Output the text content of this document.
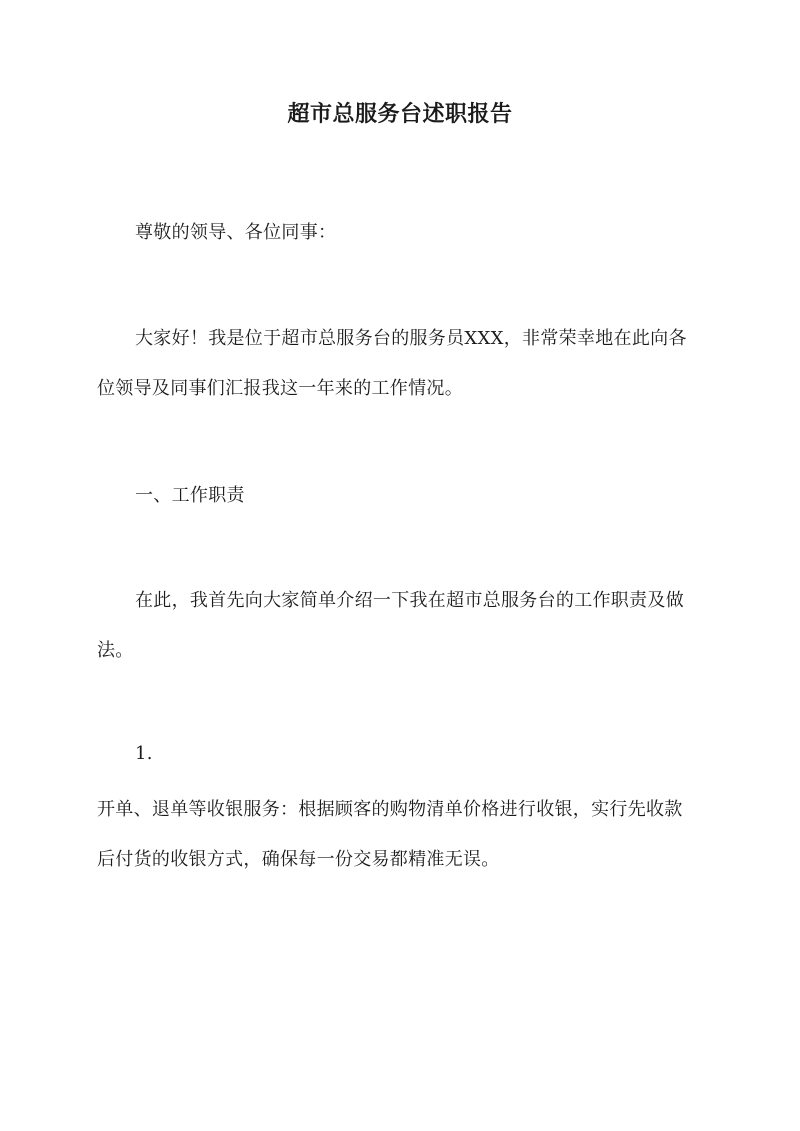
超市总服务台述职报告
尊敬的领导、各位同事：
大家好！我是位于超市总服务台的服务员XXX，非常荣幸地在此向各
位领导及同事们汇报我这一年来的工作情况。
一、工作职责
在此，我首先向大家简单介绍一下我在超市总服务台的工作职责及做
法。
1.
开单、退单等收银服务：根据顾客的购物清单价格进行收银，实行先收款
后付货的收银方式，确保每一份交易都精准无误。
